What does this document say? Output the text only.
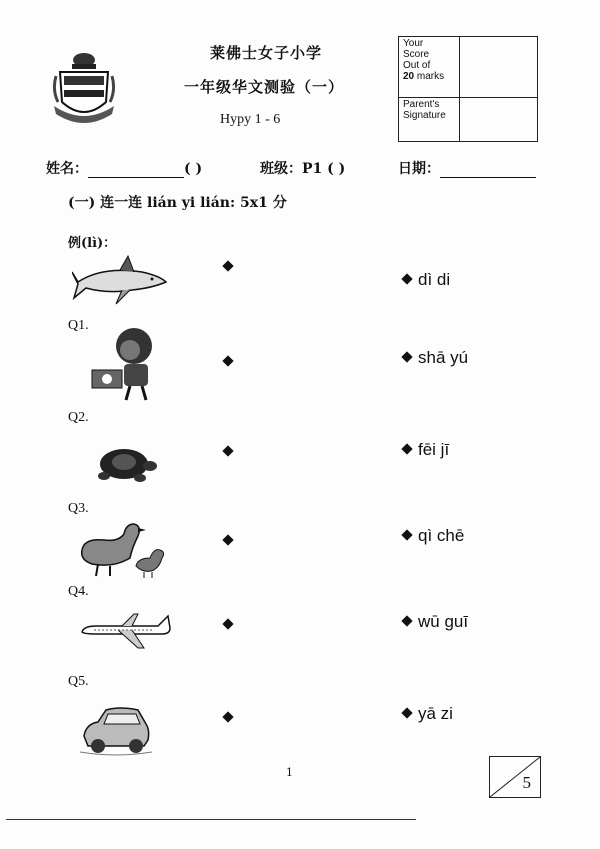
莱佛士女子小学
一年级华文测验（一）
Hypy 1 - 6
Your
Score
Out of
20 marks	
Parent's
Signature	
姓名：	( )	班级：P1 ( )	日期：
(一) 连一连 lián yi lián: 5x1 分
例(lì)：
dì di
Q1.
shā yú
Q2.
fēi jī
Q3.
qì chē
Q4.
wū guī
Q5.
yā zi
1
5
